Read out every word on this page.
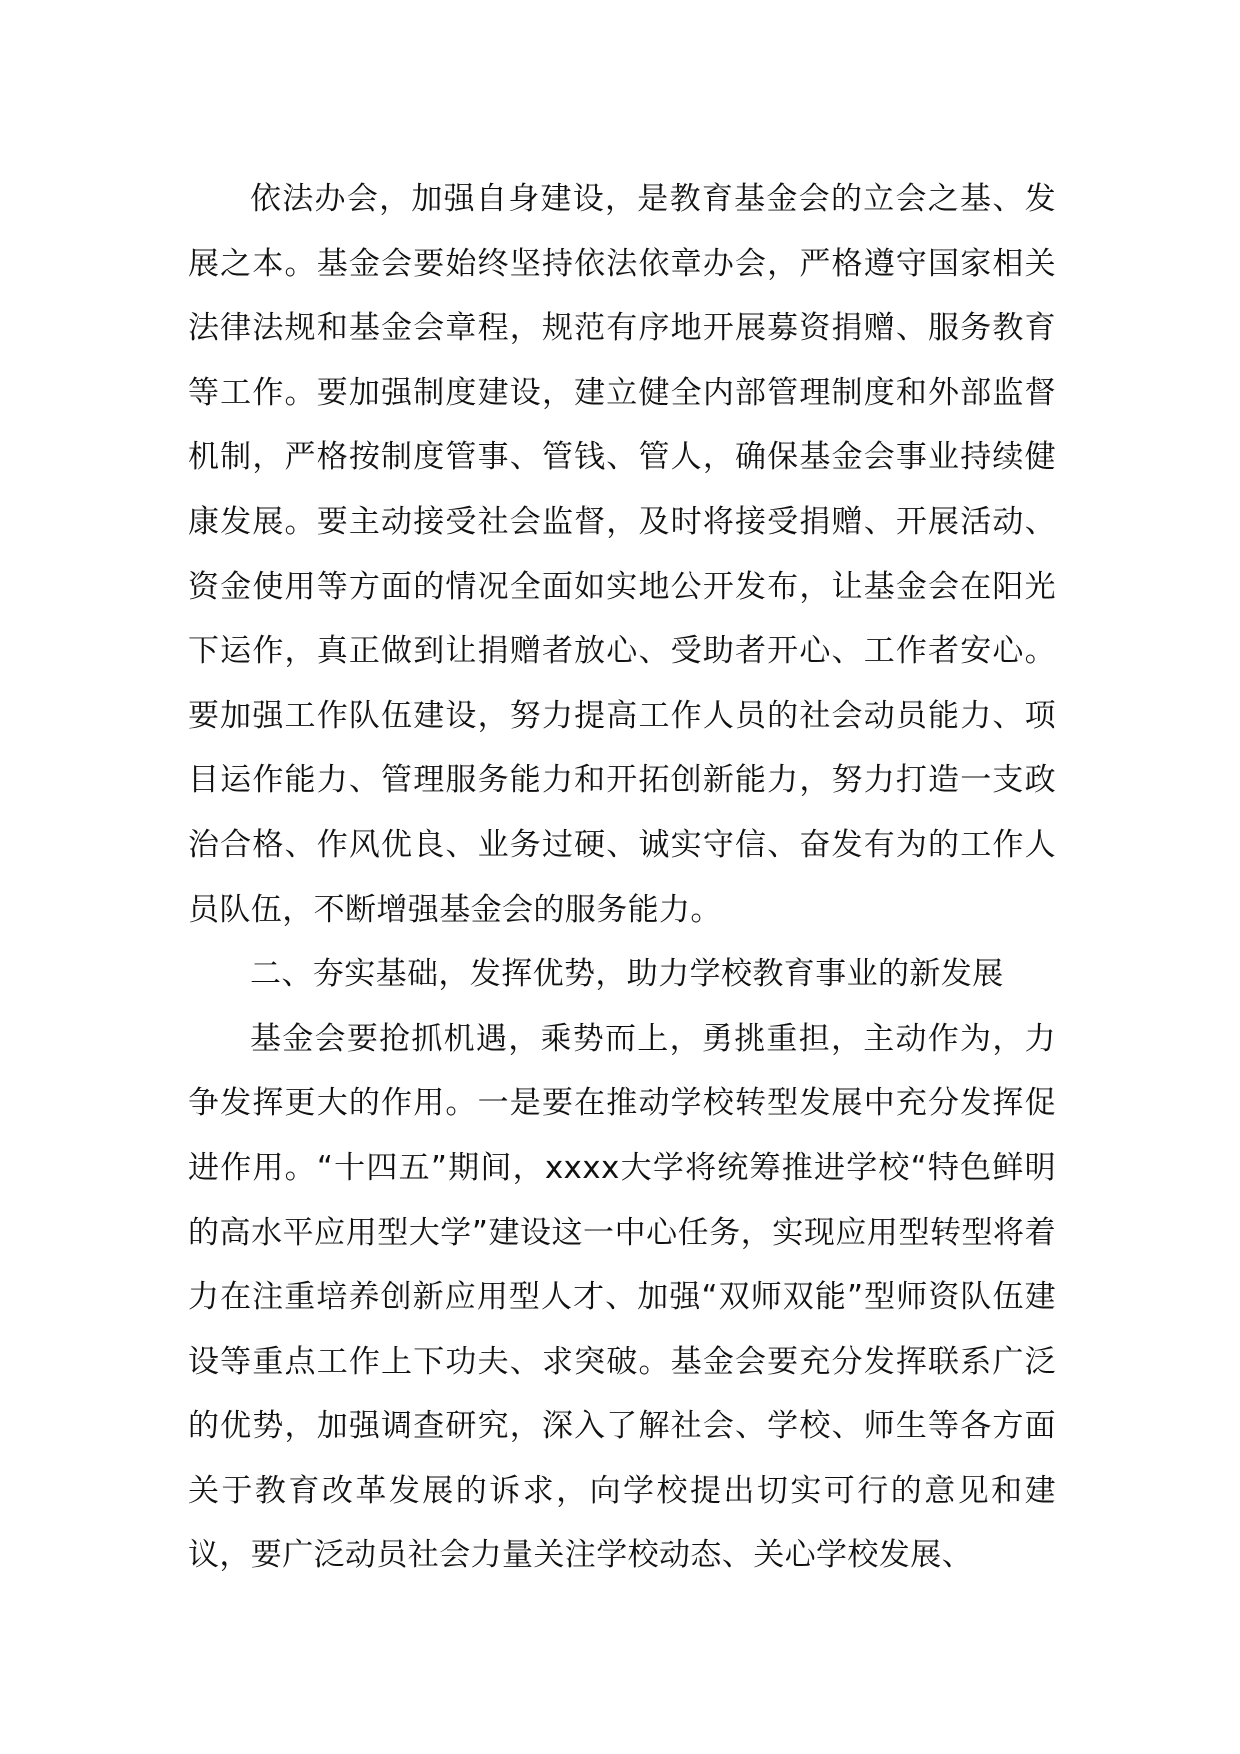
依法办会，加强自身建设，是教育基金会的立会之基、发展之本。基金会要始终坚持依法依章办会，严格遵守国家相关法律法规和基金会章程，规范有序地开展募资捐赠、服务教育等工作。要加强制度建设，建立健全内部管理制度和外部监督机制，严格按制度管事、管钱、管人，确保基金会事业持续健康发展。要主动接受社会监督，及时将接受捐赠、开展活动、资金使用等方面的情况全面如实地公开发布，让基金会在阳光下运作，真正做到让捐赠者放心、受助者开心、工作者安心。要加强工作队伍建设，努力提高工作人员的社会动员能力、项目运作能力、管理服务能力和开拓创新能力，努力打造一支政治合格、作风优良、业务过硬、诚实守信、奋发有为的工作人员队伍，不断增强基金会的服务能力。

二、夯实基础，发挥优势，助力学校教育事业的新发展

基金会要抢抓机遇，乘势而上，勇挑重担，主动作为，力争发挥更大的作用。一是要在推动学校转型发展中充分发挥促进作用。“十四五”期间，xxxx大学将统筹推进学校“特色鲜明的高水平应用型大学”建设这一中心任务，实现应用型转型将着力在注重培养创新应用型人才、加强“双师双能”型师资队伍建设等重点工作上下功夫、求突破。基金会要充分发挥联系广泛的优势，加强调查研究，深入了解社会、学校、师生等各方面关于教育改革发展的诉求，向学校提出切实可行的意见和建议，要广泛动员社会力量关注学校动态、关心学校发展、
